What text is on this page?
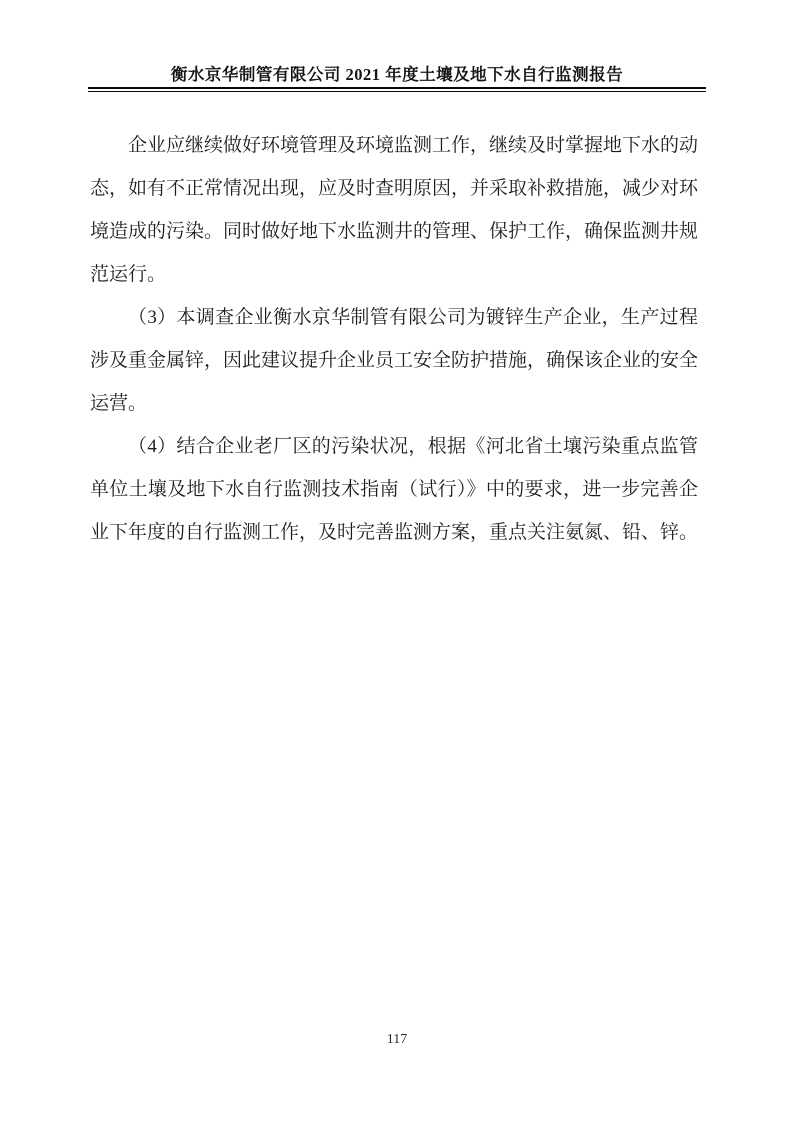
衡水京华制管有限公司 2021 年度土壤及地下水自行监测报告

企业应继续做好环境管理及环境监测工作，继续及时掌握地下水的动态，如有不正常情况出现，应及时查明原因，并采取补救措施，减少对环境造成的污染。同时做好地下水监测井的管理、保护工作，确保监测井规范运行。

（3）本调查企业衡水京华制管有限公司为镀锌生产企业，生产过程涉及重金属锌，因此建议提升企业员工安全防护措施，确保该企业的安全运营。

（4）结合企业老厂区的污染状况，根据《河北省土壤污染重点监管单位土壤及地下水自行监测技术指南（试行）》中的要求，进一步完善企业下年度的自行监测工作，及时完善监测方案，重点关注氨氮、铅、锌。

117
